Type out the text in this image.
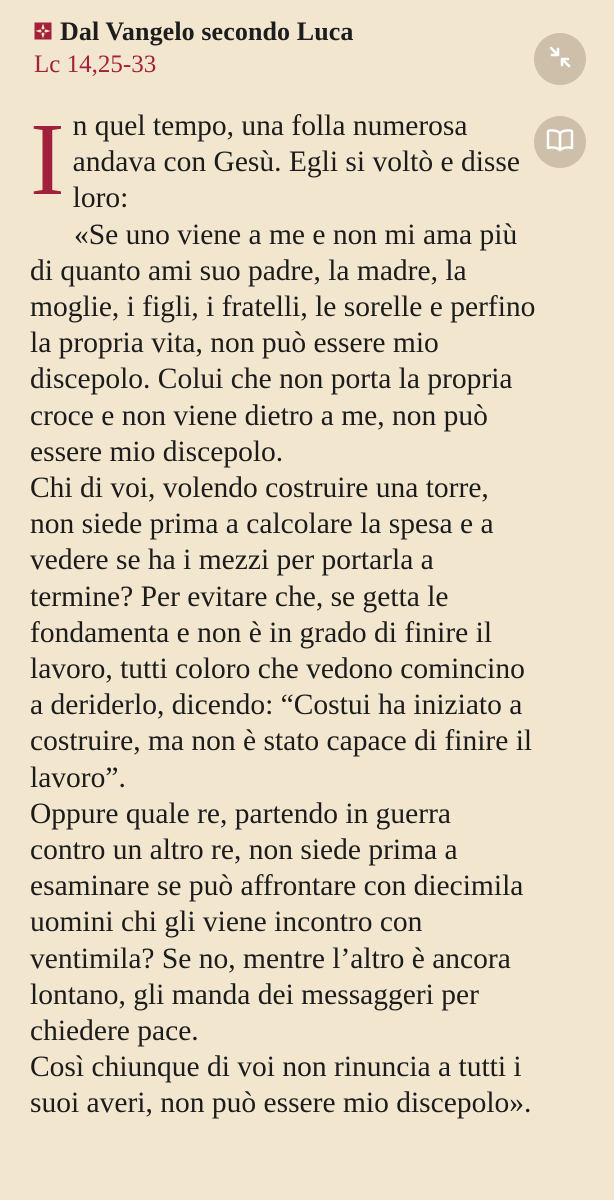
Dal Vangelo secondo Luca
Lc 14,25-33
I n quel tempo, una folla numerosa
andava con Gesù. Egli si voltò e disse
loro:
«Se uno viene a me e non mi ama più
di quanto ami suo padre, la madre, la
moglie, i figli, i fratelli, le sorelle e perfino
la propria vita, non può essere mio
discepolo. Colui che non porta la propria
croce e non viene dietro a me, non può
essere mio discepolo.
Chi di voi, volendo costruire una torre,
non siede prima a calcolare la spesa e a
vedere se ha i mezzi per portarla a
termine? Per evitare che, se getta le
fondamenta e non è in grado di finire il
lavoro, tutti coloro che vedono comincino
a deriderlo, dicendo: “Costui ha iniziato a
costruire, ma non è stato capace di finire il
lavoro”.
Oppure quale re, partendo in guerra
contro un altro re, non siede prima a
esaminare se può affrontare con diecimila
uomini chi gli viene incontro con
ventimila? Se no, mentre l’altro è ancora
lontano, gli manda dei messaggeri per
chiedere pace.
Così chiunque di voi non rinuncia a tutti i
suoi averi, non può essere mio discepolo».
